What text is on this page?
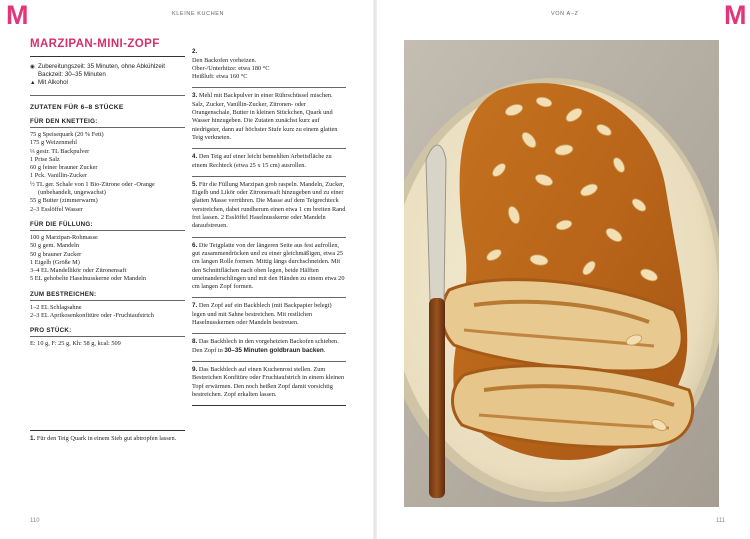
M	M
KLEINE KUCHEN	VON A–Z
110	111
MARZIPAN-MINI-ZOPF
◉ Zubereitungszeit: 35 Minuten, ohne Abkühlzeit
Backzeit: 30–35 Minuten
▲ Mit Alkohol
ZUTATEN FÜR 6–8 STÜCKE
FÜR DEN KNETTEIG:
75 g Speisequark (20 % Fett)
175 g Weizenmehl
⅓ gestr. TL Backpulver
1 Prise Salz
60 g feiner brauner Zucker
1 Pck. Vanillin-Zucker
½ TL ger. Schale von 1 Bio-Zitrone oder -Orange
(unbehandelt, ungewachst)
55 g Butter (zimmerwarm)
2–3 Esslöffel Wasser
FÜR DIE FÜLLUNG:
100 g Marzipan-Rohmasse
50 g gem. Mandeln
50 g brauner Zucker
1 Eigelb (Größe M)
3–4 EL Mandellikör oder Zitronensaft
5 EL gehobelte Haselnusskerne oder Mandeln
ZUM BESTREICHEN:
1–2 EL Schlagsahne
2–3 EL Aprikosenkonfitüre oder -Fruchtaufstrich
PRO STÜCK:
E: 10 g, F: 25 g, Kh: 58 g, kcal: 509
1. Für den Teig Quark in einem Sieb gut abtropfen lassen.

2.
Den Backofen vorheizen.
Ober-/Unterhitze: etwa 180 °C
Heißluft: etwa 160 °C

3. Mehl mit Backpulver in einer Rührschüssel mischen. Salz, Zucker, Vanillin-Zucker, Zitronen- oder Orangenschale, Butter in kleinen Stückchen, Quark und Wasser hinzugeben. Die Zutaten zunächst kurz auf niedrigster, dann auf höchster Stufe kurz zu einem glatten Teig verkneten.
4. Den Teig auf einer leicht bemehlten Arbeitsfläche zu einem Rechteck (etwa 25 x 15 cm) ausrollen.
5. Für die Füllung Marzipan grob raspeln. Mandeln, Zucker, Eigelb und Likör oder Zitronensaft hinzugeben und zu einer glatten Masse verrühren. Die Masse auf dem Teigrechteck verstreichen, dabei rundherum einen etwa 1 cm breiten Rand frei lassen. 2 Esslöffel Haselnusskerne oder Mandeln daraufstreuen.
6. Die Teigplatte von der längeren Seite aus fest aufrollen, gut zusammendrücken und zu einer gleichmäßigen, etwa 25 cm langen Rolle formen. Mittig längs durchschneiden. Mit den Schnittflächen nach oben legen, beide Hälften umeinanderschlingen und mit den Händen zu einem etwa 20 cm langen Zopf formen.
7. Den Zopf auf ein Backblech (mit Backpapier belegt) legen und mit Sahne bestreichen. Mit restlichen Haselnusskernen oder Mandeln bestreuen.
8. Das Backblech in den vorgeheizten Backofen schieben. Den Zopf in 30–35 Minuten goldbraun backen.
9. Das Backblech auf einen Kuchenrost stellen. Zum Bestreichen Konfitüre oder Fruchtaufstrich in einem kleinen Topf erwärmen. Den noch heißen Zopf damit vorsichtig bestreichen. Zopf erkalten lassen.
